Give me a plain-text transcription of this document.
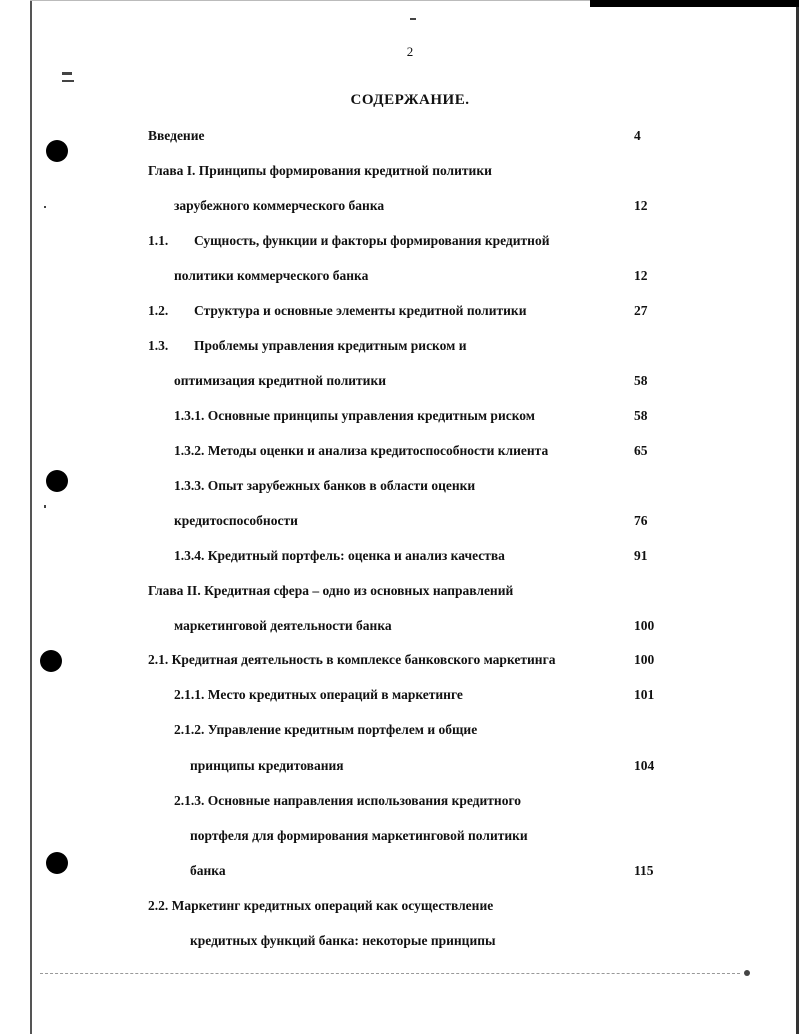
2
СОДЕРЖАНИЕ.
Введение	4
Глава I. Принципы формирования кредитной политики
зарубежного коммерческого банка	12
1.1. Сущность, функции и факторы формирования кредитной
политики коммерческого банка	12
1.2. Структура и основные элементы кредитной политики	27
1.3. Проблемы управления кредитным риском и
оптимизация кредитной политики	58
1.3.1. Основные принципы управления кредитным риском	58
1.3.2. Методы оценки и анализа кредитоспособности клиента	65
1.3.3. Опыт зарубежных банков в области оценки
кредитоспособности	76
1.3.4. Кредитный портфель: оценка и анализ качества	91
Глава II. Кредитная сфера – одно из основных направлений
маркетинговой деятельности банка	100
2.1. Кредитная деятельность в комплексе банковского маркетинга	100
2.1.1. Место кредитных операций в маркетинге	101
2.1.2. Управление кредитным портфелем и общие
принципы кредитования	104
2.1.3. Основные направления использования кредитного
портфеля для формирования маркетинговой политики
банка	115
2.2. Маркетинг кредитных операций как осуществление
кредитных функций банка: некоторые принципы
